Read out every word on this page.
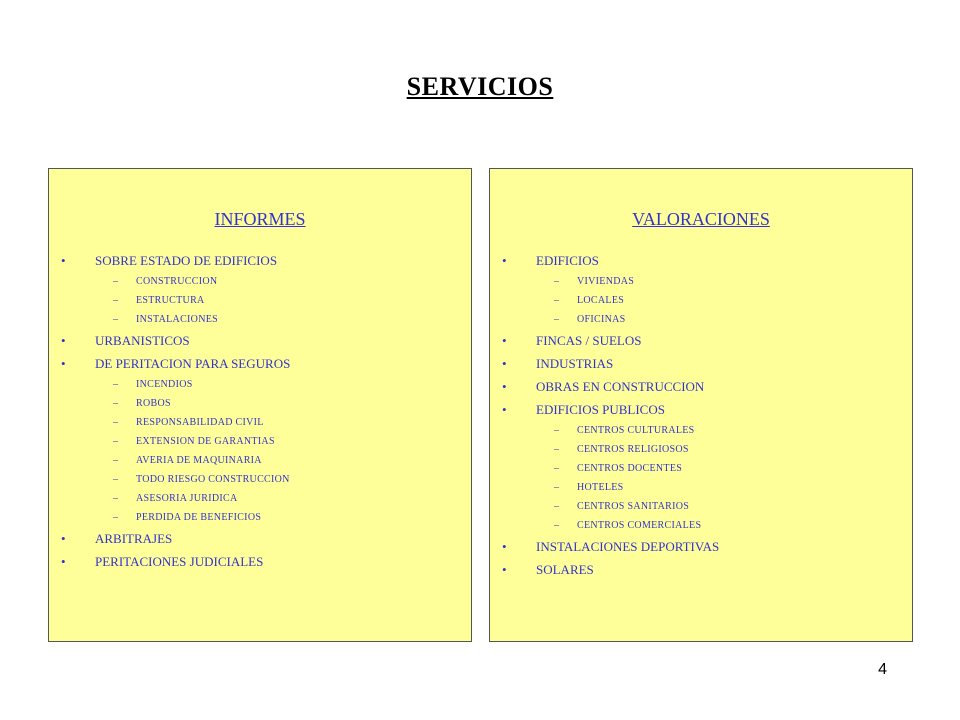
SERVICIOS
INFORMES
• SOBRE ESTADO DE EDIFICIOS
– CONSTRUCCION
– ESTRUCTURA
– INSTALACIONES
• URBANISTICOS
• DE PERITACION PARA SEGUROS
– INCENDIOS
– ROBOS
– RESPONSABILIDAD CIVIL
– EXTENSION DE GARANTIAS
– AVERIA DE MAQUINARIA
– TODO RIESGO CONSTRUCCION
– ASESORIA JURIDICA
– PERDIDA DE BENEFICIOS
• ARBITRAJES
• PERITACIONES JUDICIALES
VALORACIONES
• EDIFICIOS
– VIVIENDAS
– LOCALES
– OFICINAS
• FINCAS / SUELOS
• INDUSTRIAS
• OBRAS EN CONSTRUCCION
• EDIFICIOS PUBLICOS
– CENTROS CULTURALES
– CENTROS RELIGIOSOS
– CENTROS DOCENTES
– HOTELES
– CENTROS SANITARIOS
– CENTROS COMERCIALES
• INSTALACIONES DEPORTIVAS
• SOLARES
4
